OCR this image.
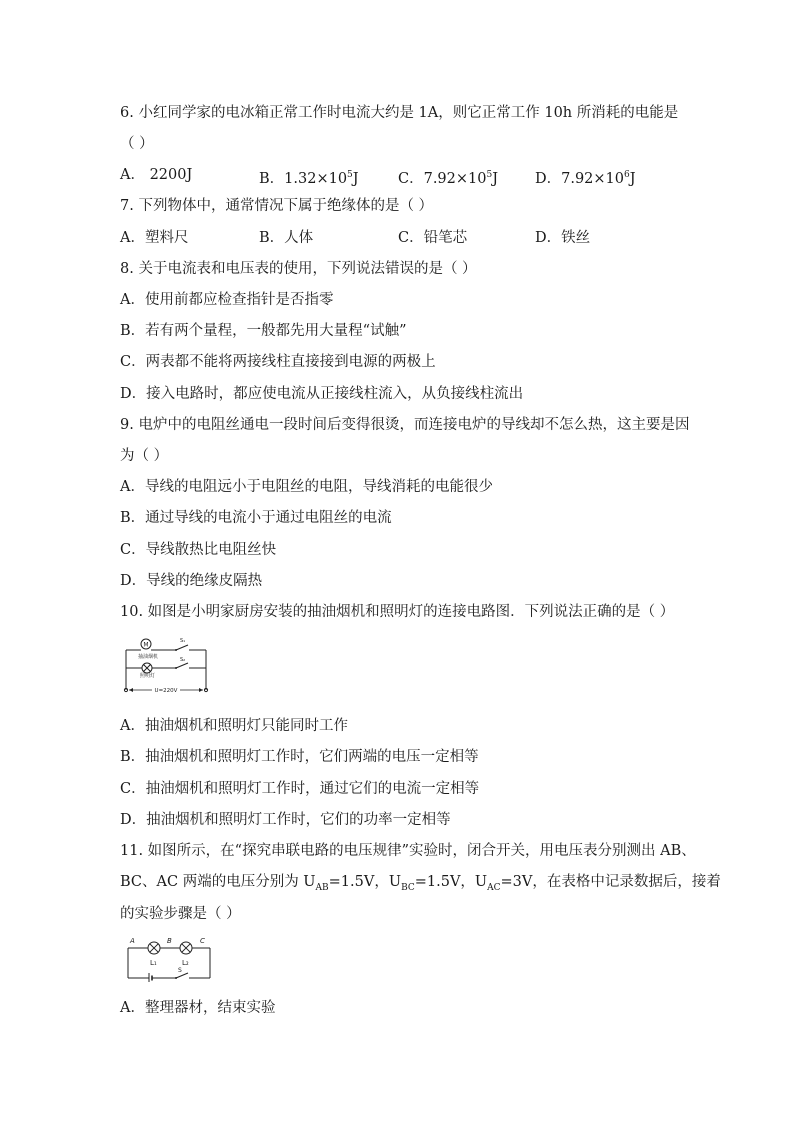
6. 小红同学家的电冰箱正常工作时电流大约是 1A，则它正常工作 10h 所消耗的电能是
（ ）
A． 2200J	B．$1.32\times 10^5J$	C．$7.92\times 10^5J$	D．$7.92\times 10^6J$
7. 下列物体中，通常情况下属于绝缘体的是（ ）
A．塑料尺	B．人体	C．铅笔芯	D．铁丝
8. 关于电流表和电压表的使用，下列说法错误的是（ ）
A．使用前都应检查指针是否指零
B．若有两个量程，一般都先用大量程“试触”
C．两表都不能将两接线柱直接接到电源的两极上
D．接入电路时，都应使电流从正接线柱流入，从负接线柱流出
9. 电炉中的电阻丝通电一段时间后变得很烫，而连接电炉的导线却不怎么热，这主要是因
为（ ）
A．导线的电阻远小于电阻丝的电阻，导线消耗的电能很少
B．通过导线的电流小于通过电阻丝的电流
C．导线散热比电阻丝快
D．导线的绝缘皮隔热
10. 如图是小明家厨房安装的抽油烟机和照明灯的连接电路图．下列说法正确的是（ ）
M
S₁
抽油烟机	S₂
照明灯
U=220V
A．抽油烟机和照明灯只能同时工作
B．抽油烟机和照明灯工作时，它们两端的电压一定相等
C．抽油烟机和照明灯工作时，通过它们的电流一定相等
D．抽油烟机和照明灯工作时，它们的功率一定相等
11. 如图所示，在“探究串联电路的电压规律”实验时，闭合开关，用电压表分别测出 AB、
BC、AC 两端的电压分别为 $U_{AB}=1.5V$，$U_{BC}=1.5V$，$U_{AC}=3V$，在表格中记录数据后，接着
的实验步骤是（ ）
A	B	C
L₁	L₂
S
A．整理器材，结束实验
